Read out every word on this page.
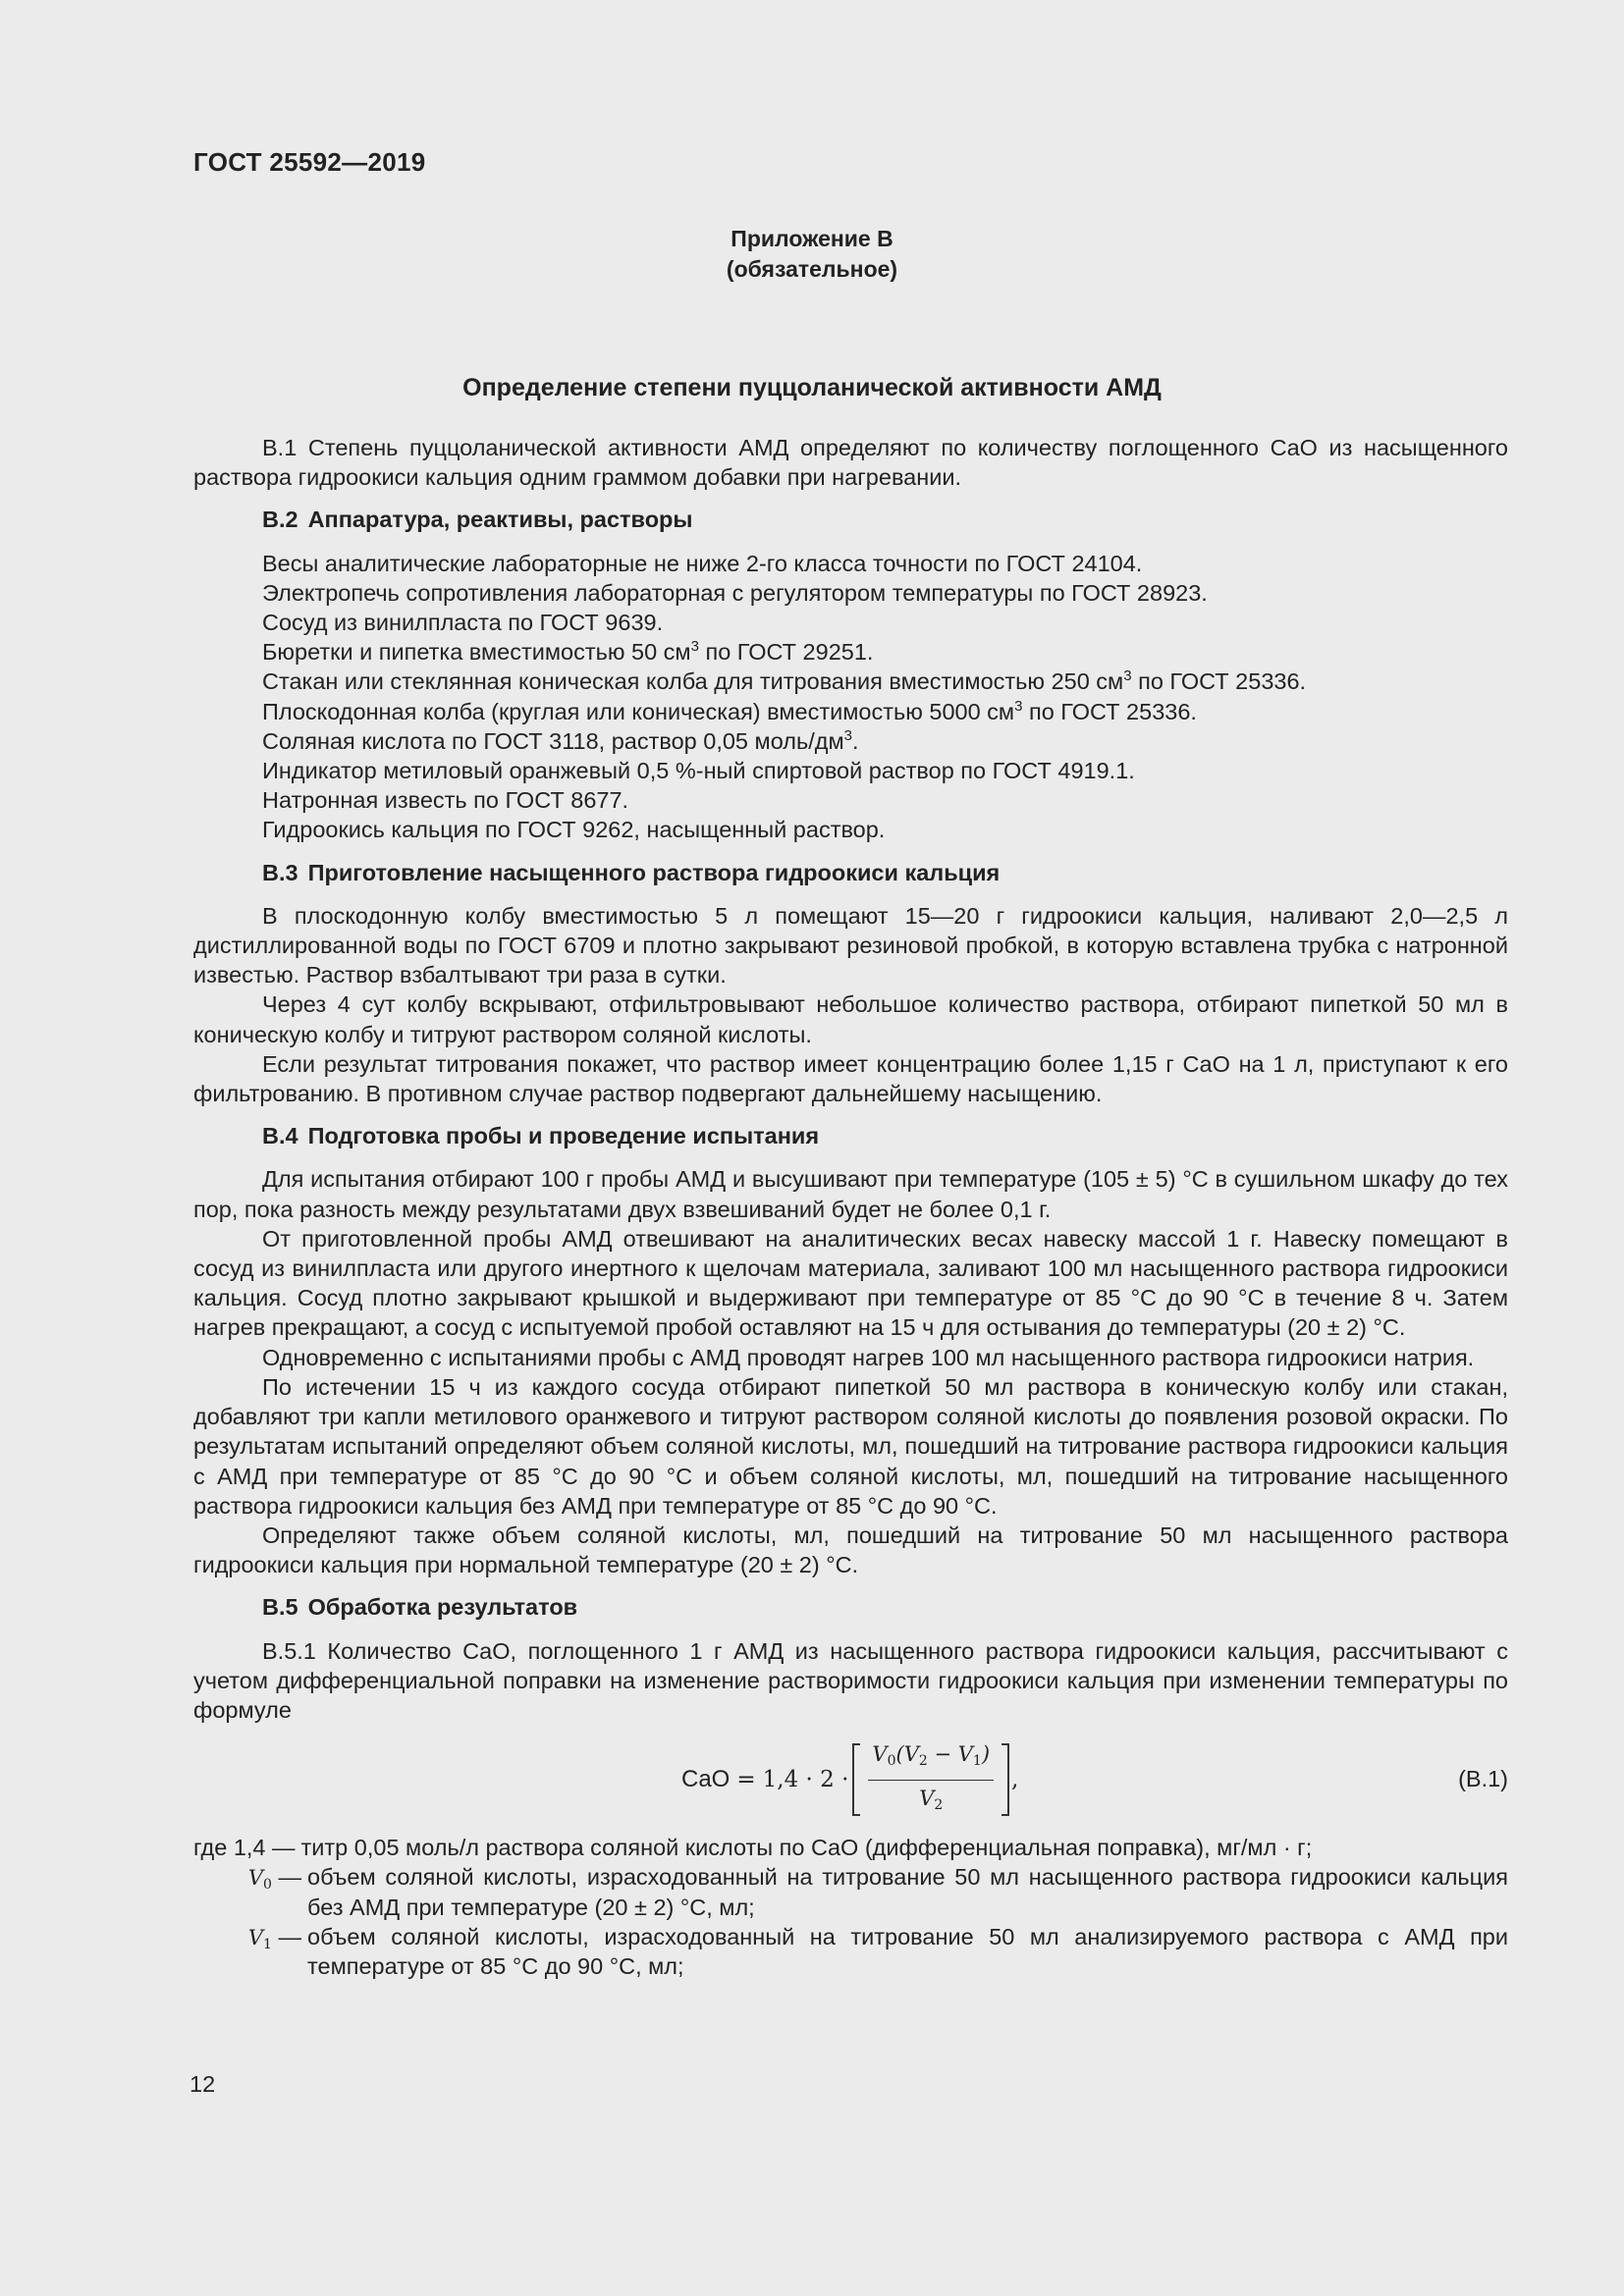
ГОСТ 25592—2019
Приложение В
(обязательное)
Определение степени пуццоланической активности АМД

В.1 Степень пуццоланической активности АМД определяют по количеству поглощенного CaO из насыщенного раствора гидроокиси кальция одним граммом добавки при нагревании.

В.2 Аппаратура, реактивы, растворы
Весы аналитические лабораторные не ниже 2-го класса точности по ГОСТ 24104.
Электропечь сопротивления лабораторная с регулятором температуры по ГОСТ 28923.
Сосуд из винилпласта по ГОСТ 9639.
Бюретки и пипетка вместимостью 50 $см^3$ по ГОСТ 29251.
Стакан или стеклянная коническая колба для титрования вместимостью 250 $см^3$ по ГОСТ 25336.
Плоскодонная колба (круглая или коническая) вместимостью 5000 $см^3$ по ГОСТ 25336.
Соляная кислота по ГОСТ 3118, раствор 0,05 моль/$дм^3$.
Индикатор метиловый оранжевый 0,5 %-ный спиртовой раствор по ГОСТ 4919.1.
Натронная известь по ГОСТ 8677.
Гидроокись кальция по ГОСТ 9262, насыщенный раствор.
В.3 Приготовление насыщенного раствора гидроокиси кальция

В плоскодонную колбу вместимостью 5 л помещают 15—20 г гидроокиси кальция, наливают 2,0—2,5 л дистиллированной воды по ГОСТ 6709 и плотно закрывают резиновой пробкой, в которую вставлена трубка с натронной известью. Раствор взбалтывают три раза в сутки.

Через 4 сут колбу вскрывают, отфильтровывают небольшое количество раствора, отбирают пипеткой 50 мл в коническую колбу и титруют раствором соляной кислоты.

Если результат титрования покажет, что раствор имеет концентрацию более 1,15 г CaO на 1 л, приступают к его фильтрованию. В противном случае раствор подвергают дальнейшему насыщению.

В.4 Подготовка пробы и проведение испытания

Для испытания отбирают 100 г пробы АМД и высушивают при температуре (105 ± 5) °С в сушильном шкафу до тех пор, пока разность между результатами двух взвешиваний будет не более 0,1 г.

От приготовленной пробы АМД отвешивают на аналитических весах навеску массой 1 г. Навеску помещают в сосуд из винилпласта или другого инертного к щелочам материала, заливают 100 мл насыщенного раствора гидроокиси кальция. Сосуд плотно закрывают крышкой и выдерживают при температуре от 85 °С до 90 °С в течение 8 ч. Затем нагрев прекращают, а сосуд с испытуемой пробой оставляют на 15 ч для остывания до температуры (20 ± 2) °С.

Одновременно с испытаниями пробы с АМД проводят нагрев 100 мл насыщенного раствора гидроокиси натрия.

По истечении 15 ч из каждого сосуда отбирают пипеткой 50 мл раствора в коническую колбу или стакан, добавляют три капли метилового оранжевого и титруют раствором соляной кислоты до появления розовой окраски. По результатам испытаний определяют объем соляной кислоты, мл, пошедший на титрование раствора гидроокиси кальция с АМД при температуре от 85 °С до 90 °С и объем соляной кислоты, мл, пошедший на титрование насыщенного раствора гидроокиси кальция без АМД при температуре от 85 °С до 90 °С.

Определяют также объем соляной кислоты, мл, пошедший на титрование 50 мл насыщенного раствора гидроокиси кальция при нормальной температуре (20 ± 2) °С.

В.5 Обработка результатов

В.5.1 Количество CaO, поглощенного 1 г АМД из насыщенного раствора гидроокиси кальция, рассчитывают с учетом дифференциальной поправки на изменение растворимости гидроокиси кальция при изменении температуры по формуле

CaO = $1,4 \cdot 2 \cdot \frac{V_0(V_2 - V_1)}{V_2}$ ,	(В.1)
где 1,4 — титр 0,05 моль/л раствора соляной кислоты по CaO (дифференциальная поправка), мг/мл · г;
$V_0$ — объем соляной кислоты, израсходованный на титрование 50 мл насыщенного раствора гидроокиси кальция без АМД при температуре (20 ± 2) °С, мл;
$V_1$ — объем соляной кислоты, израсходованный на титрование 50 мл анализируемого раствора с АМД при температуре от 85 °С до 90 °С, мл;
12
